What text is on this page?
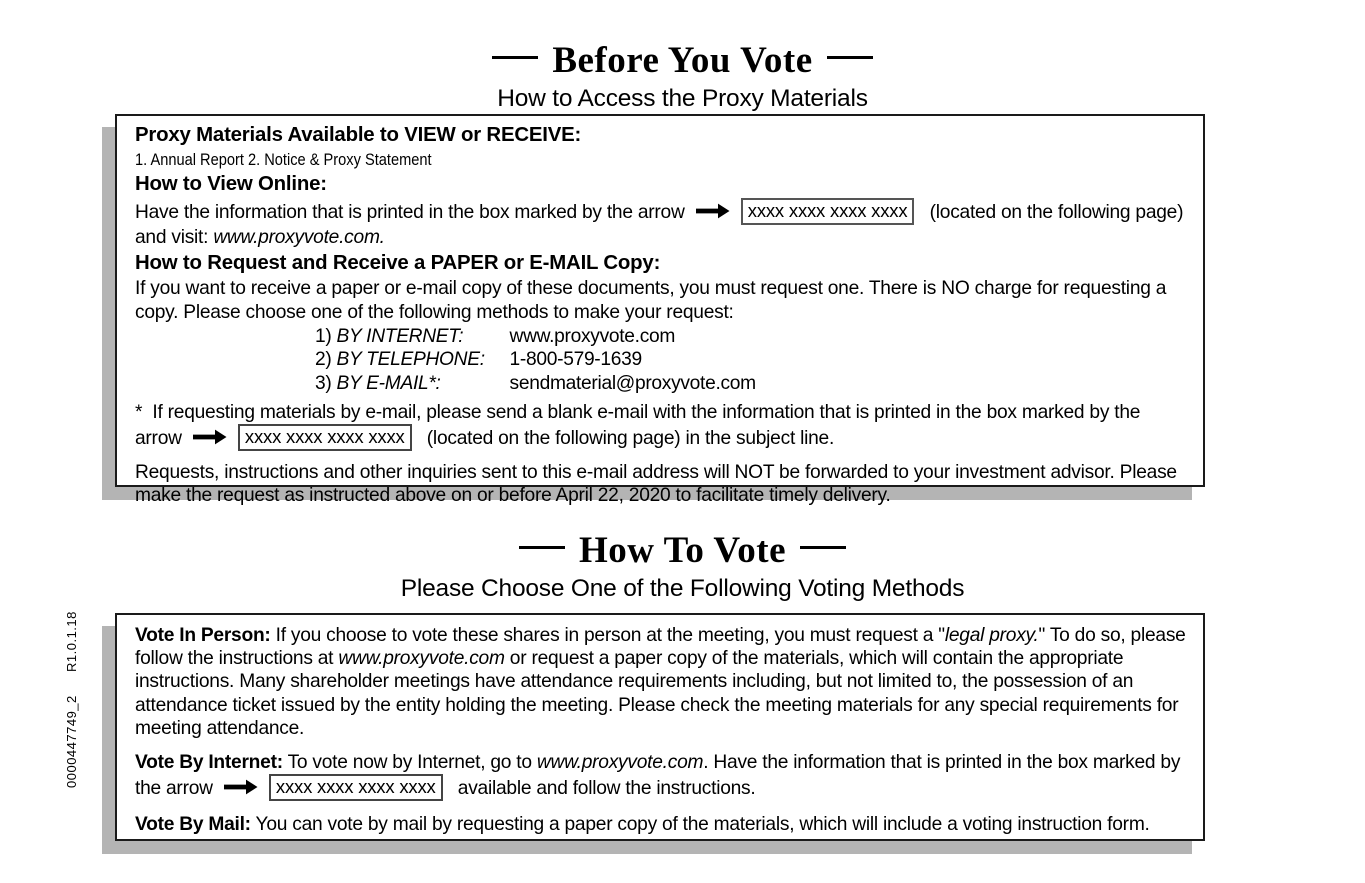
0000447749_2
R1.0.1.18
Before You Vote
How to Access the Proxy Materials
Proxy Materials Available to VIEW or RECEIVE:
1. Annual Report 2. Notice & Proxy Statement
How to View Online:
Have the information that is printed in the box marked by the arrow	xxxx xxxx xxxx xxxx (located on the following page) and visit: www.proxyvote.com.
How to Request and Receive a PAPER or E-MAIL Copy:
If you want to receive a paper or e-mail copy of these documents, you must request one. There is NO charge for requesting a copy. Please choose one of the following methods to make your request:
1) BY INTERNET: www.proxyvote.com
2) BY TELEPHONE: 1-800-579-1639
3) BY E-MAIL*:	sendmaterial@proxyvote.com
* If requesting materials by e-mail, please send a blank e-mail with the information that is printed in the box marked by the arrow	xxxx xxxx xxxx xxxx (located on the following page) in the subject line.
Requests, instructions and other inquiries sent to this e-mail address will NOT be forwarded to your investment advisor. Please make the request as instructed above on or before April 22, 2020 to facilitate timely delivery.
How To Vote
Please Choose One of the Following Voting Methods
Vote In Person: If you choose to vote these shares in person at the meeting, you must request a "legal proxy." To do so, please follow the instructions at www.proxyvote.com or request a paper copy of the materials, which will contain the appropriate instructions. Many shareholder meetings have attendance requirements including, but not limited to, the possession of an attendance ticket issued by the entity holding the meeting. Please check the meeting materials for any special requirements for meeting attendance.
Vote By Internet: To vote now by Internet, go to www.proxyvote.com. Have the information that is printed in the box marked by the arrow	xxxx xxxx xxxx xxxx available and follow the instructions.
Vote By Mail: You can vote by mail by requesting a paper copy of the materials, which will include a voting instruction form.
